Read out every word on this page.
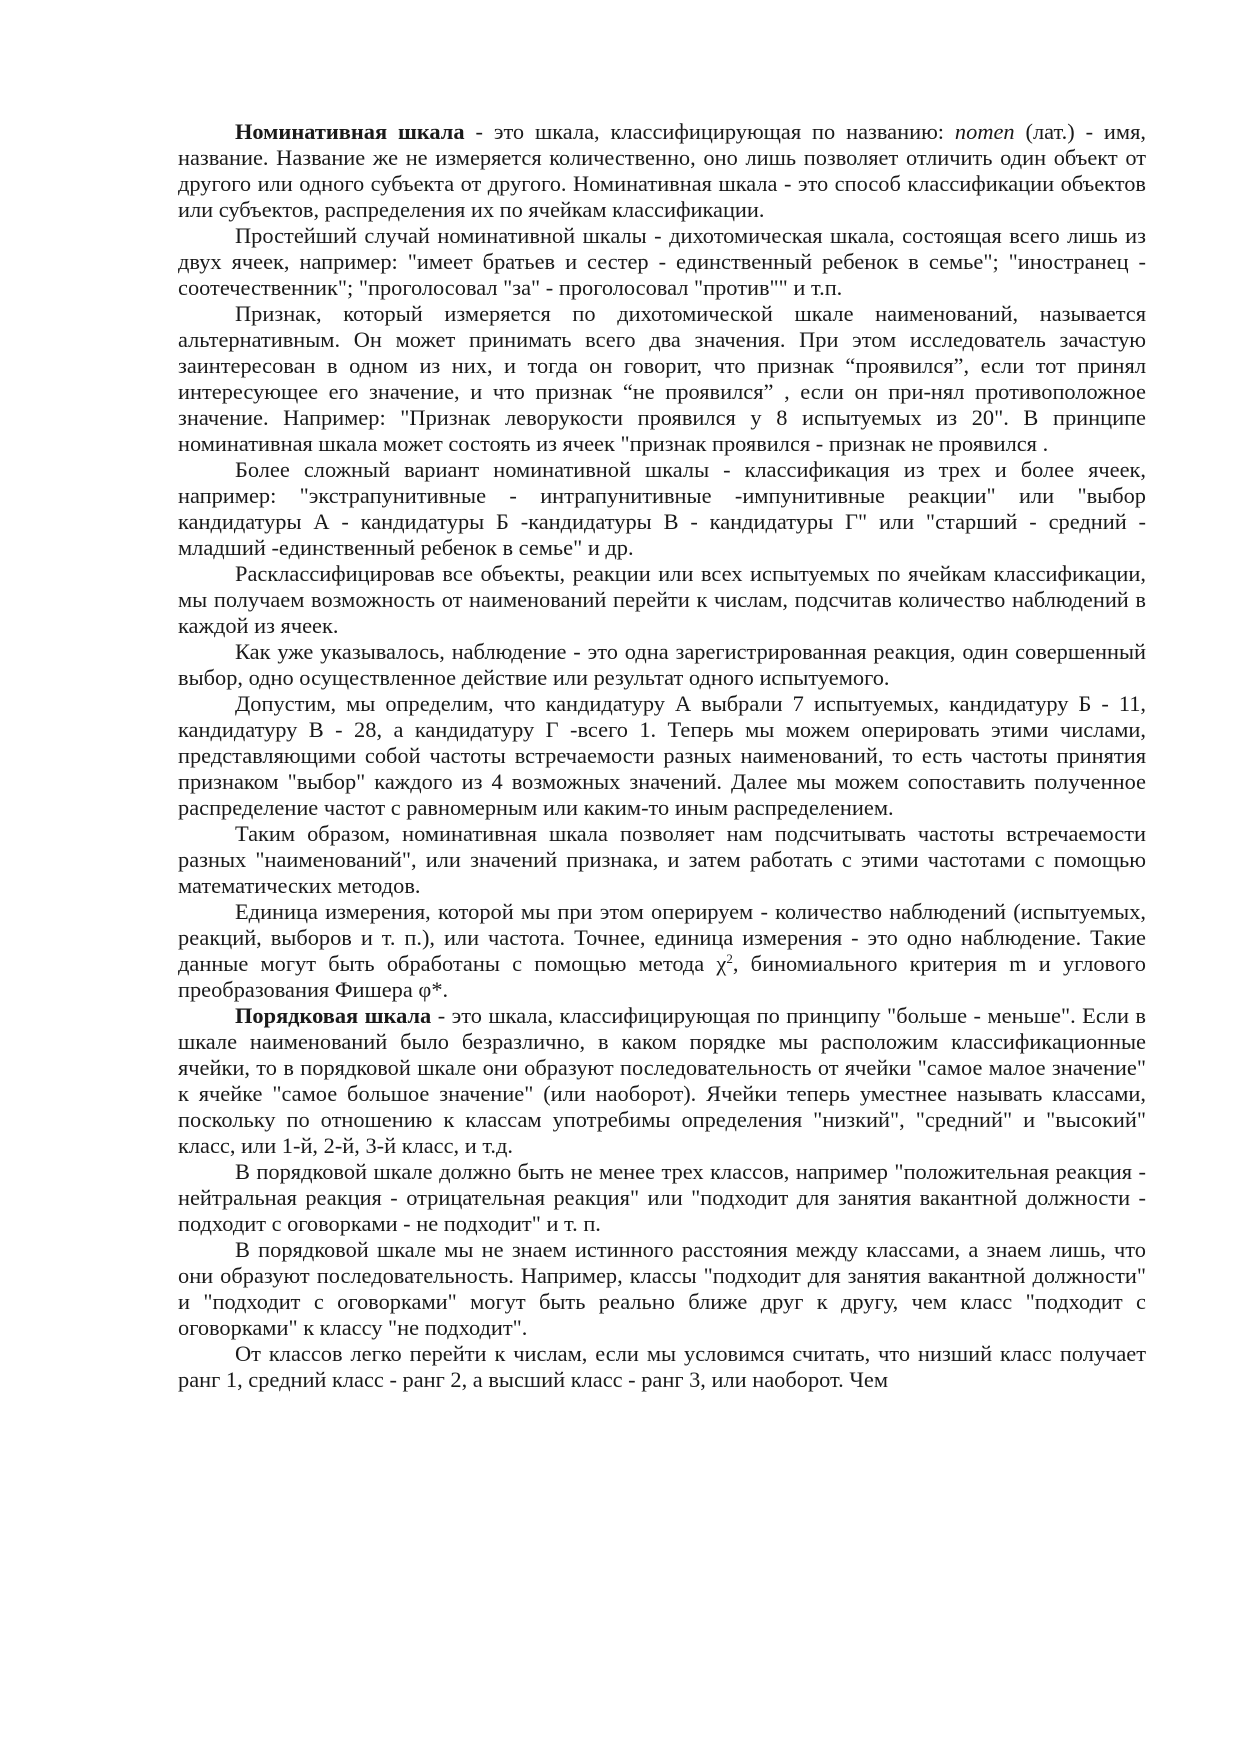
Номинативная шкала - это шкала, классифицирующая по названию: nomen (лат.) - имя, название. Название же не измеряется количественно, оно лишь позволяет отличить один объект от другого или одного субъекта от другого. Номинативная шкала - это способ классификации объектов или субъектов, распределения их по ячейкам классификации.

Простейший случай номинативной шкалы - дихотомическая шкала, состоящая всего лишь из двух ячеек, например: "имеет братьев и сестер - единственный ребенок в семье"; "иностранец - соотечественник"; "проголосовал "за" - проголосовал "против"" и т.п.

Признак, который измеряется по дихотомической шкале наименований, называется альтернативным. Он может принимать всего два значения. При этом исследователь зачастую заинтересован в одном из них, и тогда он говорит, что признак “проявился”, если тот принял интересующее его значение, и что признак “не проявился” , если он при-нял противоположное значение. Например: "Признак леворукости проявился у 8 испытуемых из 20". В принципе номинативная шкала может состоять из ячеек "признак проявился - признак не проявился .

Более сложный вариант номинативной шкалы - классификация из трех и более ячеек, например: "экстрапунитивные - интрапунитивные -импунитивные реакции" или "выбор кандидатуры А - кандидатуры Б -кандидатуры В - кандидатуры Г" или "старший - средний - младший -единственный ребенок в семье" и др.

Расклассифицировав все объекты, реакции или всех испытуемых по ячейкам классификации, мы получаем возможность от наименований перейти к числам, подсчитав количество наблюдений в каждой из ячеек.

Как уже указывалось, наблюдение - это одна зарегистрированная реакция, один совершенный выбор, одно осуществленное действие или результат одного испытуемого.

Допустим, мы определим, что кандидатуру А выбрали 7 испытуемых, кандидатуру Б - 11, кандидатуру В - 28, а кандидатуру Г -всего 1. Теперь мы можем оперировать этими числами, представляющими собой частоты встречаемости разных наименований, то есть частоты принятия признаком "выбор" каждого из 4 возможных значений. Далее мы можем сопоставить полученное распределение частот с равномерным или каким-то иным распределением.

Таким образом, номинативная шкала позволяет нам подсчитывать частоты встречаемости разных "наименований", или значений признака, и затем работать с этими частотами с помощью математических методов.

Единица измерения, которой мы при этом оперируем - количество наблюдений (испытуемых, реакций, выборов и т. п.), или частота. Точнее, единица измерения - это одно наблюдение. Такие данные могут быть обработаны с помощью метода $\chi^2$, биномиального критерия m и углового преобразования Фишера φ*.

Порядковая шкала - это шкала, классифицирующая по принципу "больше - меньше". Если в шкале наименований было безразлично, в каком порядке мы расположим классификационные ячейки, то в порядковой шкале они образуют последовательность от ячейки "самое малое значение" к ячейке "самое большое значение" (или наоборот). Ячейки теперь уместнее называть классами, поскольку по отношению к классам употребимы определения "низкий", "средний" и "высокий" класс, или 1-й, 2-й, 3-й класс, и т.д.

В порядковой шкале должно быть не менее трех классов, например "положительная реакция - нейтральная реакция - отрицательная реакция" или "подходит для занятия вакантной должности - подходит с оговорками - не подходит" и т. п.

В порядковой шкале мы не знаем истинного расстояния между классами, а знаем лишь, что они образуют последовательность. Например, классы "подходит для занятия вакантной должности" и "подходит с оговорками" могут быть реально ближе друг к другу, чем класс "подходит с оговорками" к классу "не подходит".

От классов легко перейти к числам, если мы условимся считать, что низший класс получает ранг 1, средний класс - ранг 2, а высший класс - ранг 3, или наоборот. Чем
